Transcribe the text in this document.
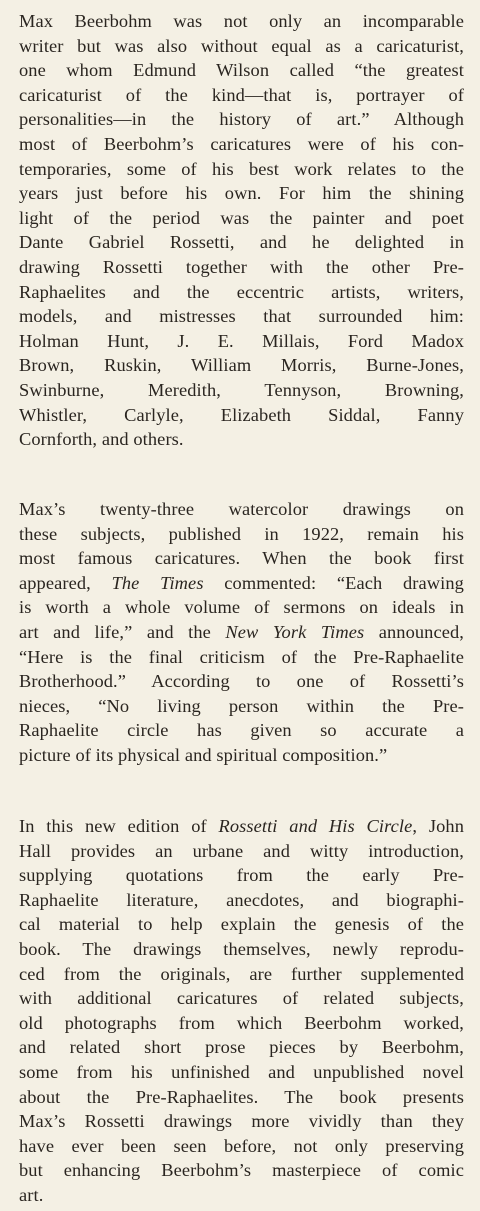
Max Beerbohm was not only an incomparable
writer but was also without equal as a caricaturist,
one whom Edmund Wilson called “the greatest
caricaturist of the kind—that is, portrayer of
personalities—in the history of art.” Although
most of Beerbohm’s caricatures were of his con-
temporaries, some of his best work relates to the
years just before his own. For him the shining
light of the period was the painter and poet
Dante Gabriel Rossetti, and he delighted in
drawing Rossetti together with the other Pre-
Raphaelites and the eccentric artists, writers,
models, and mistresses that surrounded him:
Holman Hunt, J. E. Millais, Ford Madox
Brown, Ruskin, William Morris, Burne-Jones,
Swinburne, Meredith, Tennyson, Browning,
Whistler, Carlyle, Elizabeth Siddal, Fanny
Cornforth, and others.
Max’s twenty-three watercolor drawings on
these subjects, published in 1922, remain his
most famous caricatures. When the book first
appeared, The Times commented: “Each drawing
is worth a whole volume of sermons on ideals in
art and life,” and the New York Times announced,
“Here is the final criticism of the Pre-Raphaelite
Brotherhood.” According to one of Rossetti’s
nieces, “No living person within the Pre-
Raphaelite circle has given so accurate a
picture of its physical and spiritual composition.”
In this new edition of Rossetti and His Circle, John
Hall provides an urbane and witty introduction,
supplying quotations from the early Pre-
Raphaelite literature, anecdotes, and biographi-
cal material to help explain the genesis of the
book. The drawings themselves, newly reprodu-
ced from the originals, are further supplemented
with additional caricatures of related subjects,
old photographs from which Beerbohm worked,
and related short prose pieces by Beerbohm,
some from his unfinished and unpublished novel
about the Pre-Raphaelites. The book presents
Max’s Rossetti drawings more vividly than they
have ever been seen before, not only preserving
but enhancing Beerbohm’s masterpiece of comic
art.
